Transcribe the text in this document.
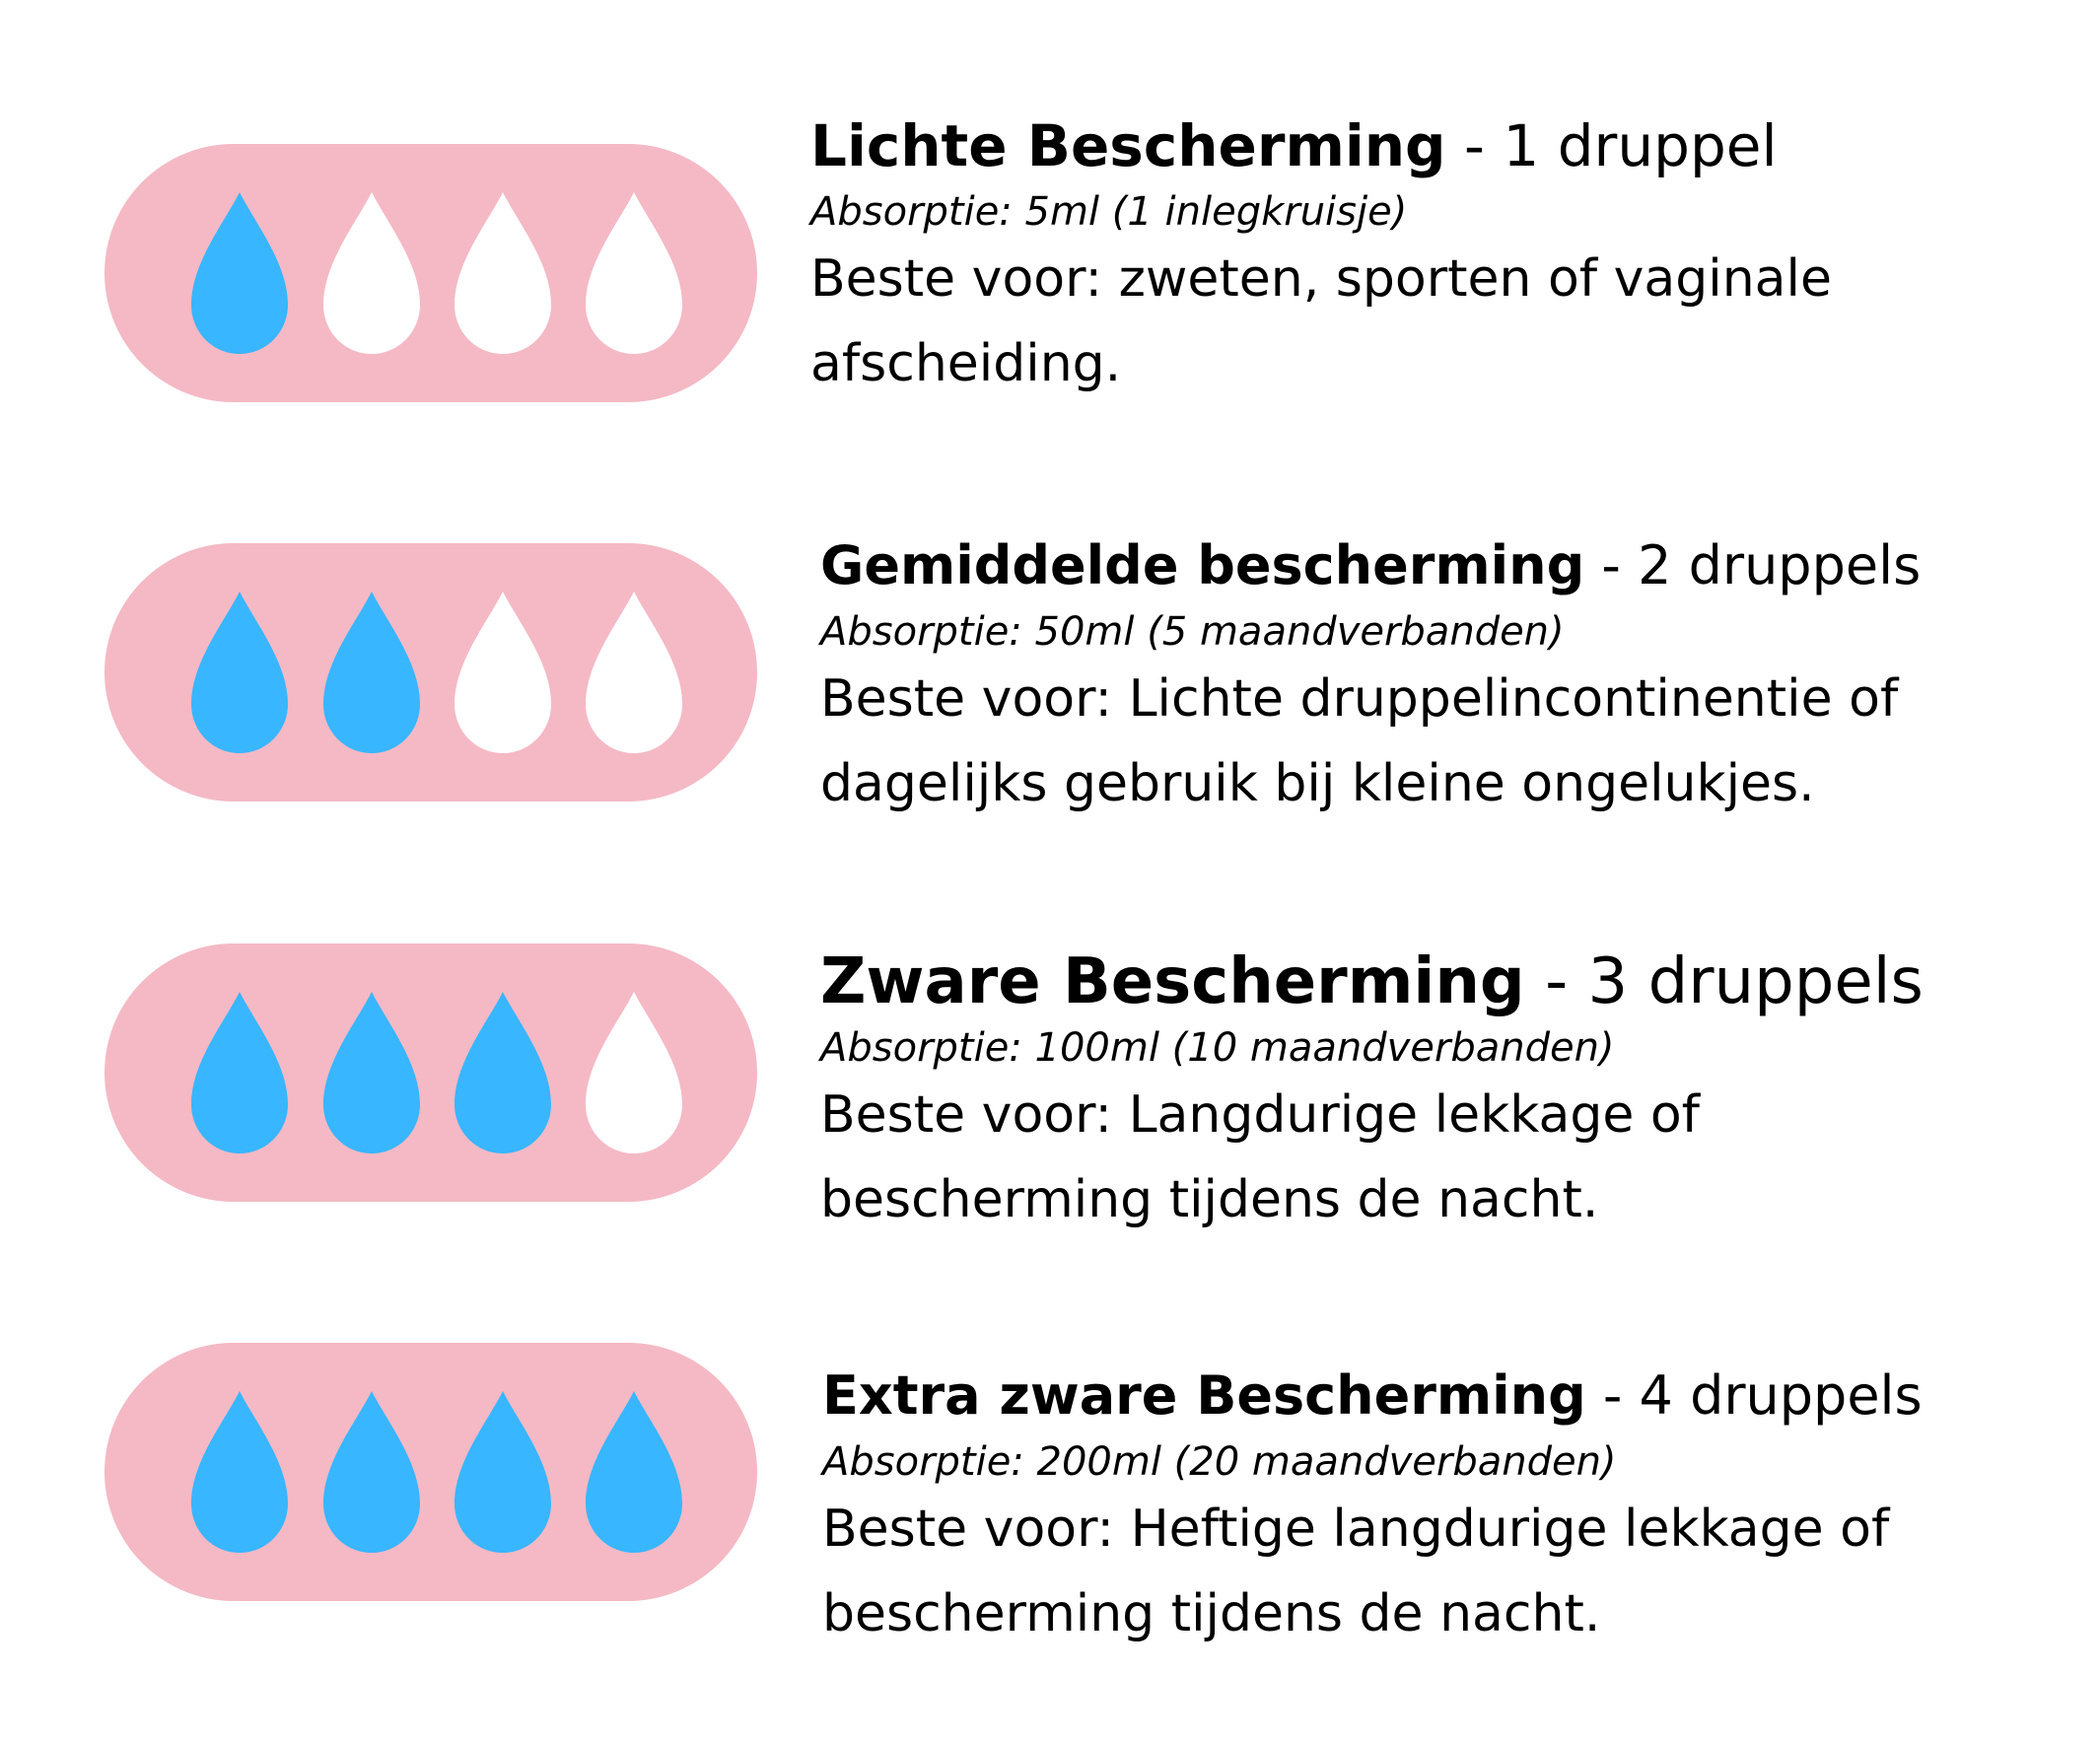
Lichte Bescherming - 1 druppel
Absorptie: 5ml (1 inlegkruisje)
Beste voor: zweten, sporten of vaginale afscheiding.
Gemiddelde bescherming - 2 druppels
Absorptie: 50ml (5 maandverbanden)
Beste voor: Lichte druppelincontinentie of dagelijks gebruik bij kleine ongelukjes.
Zware Bescherming - 3 druppels
Absorptie: 100ml (10 maandverbanden)
Beste voor: Langdurige lekkage of bescherming tijdens de nacht.
Extra zware Bescherming - 4 druppels
Absorptie: 200ml (20 maandverbanden)
Beste voor: Heftige langdurige lekkage of bescherming tijdens de nacht.
